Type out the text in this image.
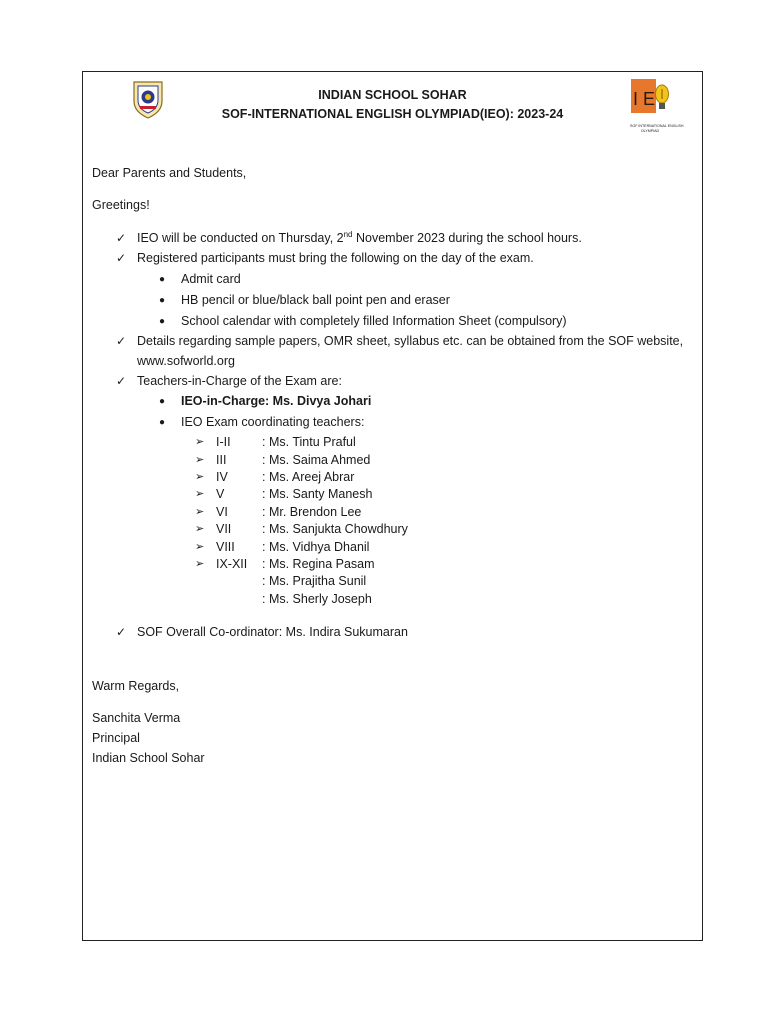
INDIAN SCHOOL SOHAR
SOF-INTERNATIONAL ENGLISH OLYMPIAD(IEO): 2023-24
I E
SOF INTERNATIONAL ENGLISH
OLYMPIAD
Dear Parents and Students,
Greetings!
✓ IEO will be conducted on Thursday, 2nd November 2023 during the school hours.
✓ Registered participants must bring the following on the day of the exam.
● Admit card
● HB pencil or blue/black ball point pen and eraser
● School calendar with completely filled Information Sheet (compulsory)
✓ Details regarding sample papers, OMR sheet, syllabus etc. can be obtained from the SOF website,
www.sofworld.org
✓ Teachers-in-Charge of the Exam are:
● IEO-in-Charge: Ms. Divya Johari
● IEO Exam coordinating teachers:
➢ I-II	: Ms. Tintu Praful
➢ III	: Ms. Saima Ahmed
➢ IV	: Ms. Areej Abrar
➢ V	: Ms. Santy Manesh
➢ VI	: Mr. Brendon Lee
➢ VII : Ms. Sanjukta Chowdhury
➢ VIII : Ms. Vidhya Dhanil
➢ IX-XII : Ms. Regina Pasam
: Ms. Prajitha Sunil
: Ms. Sherly Joseph
✓ SOF Overall Co-ordinator: Ms. Indira Sukumaran
Warm Regards,
Sanchita Verma
Principal
Indian School Sohar
